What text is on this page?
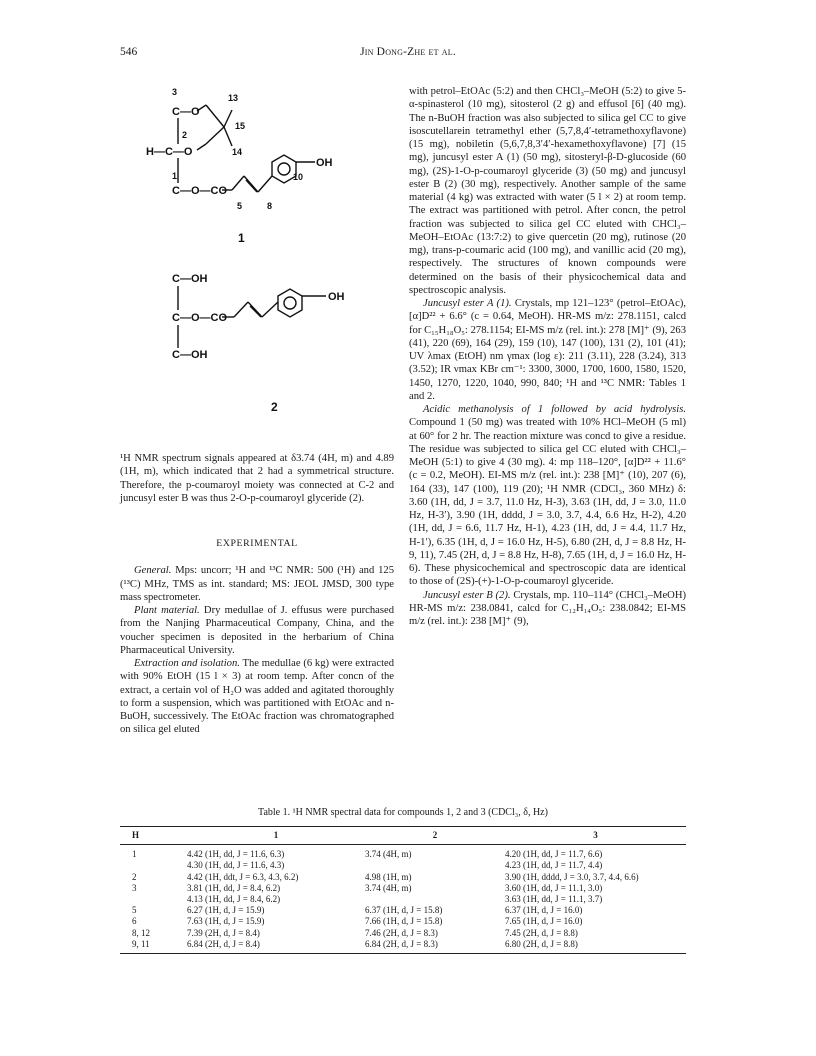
546	Jin Dong-Zhe et al.
3
13
C—O
15
2
H—C—O	14
1
C—O—CO
OH
10
5	8
1
C—OH
C—O—CO
C—OH
OH
2

¹H NMR spectrum signals appeared at δ3.74 (4H, m) and 4.89 (1H, m), which indicated that 2 had a symmetrical structure. Therefore, the p-coumaroyl moiety was connected at C-2 and juncusyl ester B was thus 2-O-p-coumaroyl glyceride (2).

EXPERIMENTAL

General. Mps: uncorr; ¹H and ¹³C NMR: 500 (¹H) and 125 (¹³C) MHz, TMS as int. standard; MS: JEOL JMSD, 300 type mass spectrometer.

Plant material. Dry medullae of J. effusus were purchased from the Nanjing Pharmaceutical Company, China, and the voucher specimen is deposited in the herbarium of China Pharmaceutical University.

Extraction and isolation. The medullae (6 kg) were extracted with 90% EtOH (15 l × 3) at room temp. After concn of the extract, a certain vol of H₂O was added and agitated thoroughly to form a suspension, which was partitioned with EtOAc and n-BuOH, successively. The EtOAc fraction was chromatographed on silica gel eluted

with petrol–EtOAc (5:2) and then CHCl₃–MeOH (5:2) to give 5-α-spinasterol (10 mg), sitosterol (2 g) and effusol [6] (40 mg). The n-BuOH fraction was also subjected to silica gel CC to give isoscutellarein tetramethyl ether (5,7,8,4′-tetramethoxyflavone) (15 mg), nobiletin (5,6,7,8,3′4′-hexamethoxyflavone) [7] (15 mg), juncusyl ester A (1) (50 mg), sitosteryl-β-D-glucoside (60 mg), (2S)-1-O-p-coumaroyl glyceride (3) (50 mg) and juncusyl ester B (2) (30 mg), respectively. Another sample of the same material (4 kg) was extracted with water (5 l × 2) at room temp. The extract was partitioned with petrol. After concn, the petrol fraction was subjected to silica gel CC eluted with CHCl₃–MeOH–EtOAc (13:7:2) to give quercetin (20 mg), rutinose (20 mg), trans-p-coumaric acid (100 mg), and vanillic acid (20 mg), respectively. The structures of known compounds were determined on the basis of their physicochemical data and spectroscopic analysis.

Juncusyl ester A (1). Crystals, mp 121–123° (petrol–EtOAc), [α]D²² + 6.6° (c = 0.64, MeOH). HR-MS m/z: 278.1151, calcd for C₁₅H₁₈O₅: 278.1154; EI-MS m/z (rel. int.): 278 [M]⁺ (9), 263 (41), 220 (69), 164 (29), 159 (10), 147 (100), 131 (2), 101 (41); UV λmax (EtOH) nm γmax (log ε): 211 (3.11), 228 (3.24), 313 (3.52); IR νmax KBr cm⁻¹: 3300, 3000, 1700, 1600, 1580, 1520, 1450, 1270, 1220, 1040, 990, 840; ¹H and ¹³C NMR: Tables 1 and 2.

Acidic methanolysis of 1 followed by acid hydrolysis. Compound 1 (50 mg) was treated with 10% HCl–MeOH (5 ml) at 60° for 2 hr. The reaction mixture was concd to give a residue. The residue was subjected to silica gel CC eluted with CHCl₃–MeOH (5:1) to give 4 (30 mg). 4: mp 118–120°, [α]D²² + 11.6° (c = 0.2, MeOH). EI-MS m/z (rel. int.): 238 [M]⁺ (10), 207 (6), 164 (33), 147 (100), 119 (20); ¹H NMR (CDCl₃, 360 MHz) δ: 3.60 (1H, dd, J = 3.7, 11.0 Hz, H-3), 3.63 (1H, dd, J = 3.0, 11.0 Hz, H-3′), 3.90 (1H, dddd, J = 3.0, 3.7, 4.4, 6.6 Hz, H-2), 4.20 (1H, dd, J = 6.6, 11.7 Hz, H-1), 4.23 (1H, dd, J = 4.4, 11.7 Hz, H-1′), 6.35 (1H, d, J = 16.0 Hz, H-5), 6.80 (2H, d, J = 8.8 Hz, H-9, 11), 7.45 (2H, d, J = 8.8 Hz, H-8), 7.65 (1H, d, J = 16.0 Hz, H-6). These physicochemical and spectroscopic data are identical to those of (2S)-(+)-1-O-p-coumaroyl glyceride.

Juncusyl ester B (2). Crystals, mp. 110–114° (CHCl₃–MeOH) HR-MS m/z: 238.0841, calcd for C₁₂H₁₄O₅: 238.0842; EI-MS m/z (rel. int.): 238 [M]⁺ (9),

Table 1. ¹H NMR spectral data for compounds 1, 2 and 3 (CDCl₃, δ, Hz)
H	1	2	3
1	4.42 (1H, dd, J = 11.6, 6.3)	3.74 (4H, m)	4.20 (1H, dd, J = 11.7, 6.6)
	4.30 (1H, dd, J = 11.6, 4.3)		4.23 (1H, dd, J = 11.7, 4.4)
2	4.42 (1H, ddt, J = 6.3, 4.3, 6.2)	4.98 (1H, m)	3.90 (1H, dddd, J = 3.0, 3.7, 4.4, 6.6)
3	3.81 (1H, dd, J = 8.4, 6.2)	3.74 (4H, m)	3.60 (1H, dd, J = 11.1, 3.0)
	4.13 (1H, dd, J = 8.4, 6.2)		3.63 (1H, dd, J = 11.1, 3.7)
5	6.27 (1H, d, J = 15.9)	6.37 (1H, d, J = 15.8)	6.37 (1H, d, J = 16.0)
6	7.63 (1H, d, J = 15.9)	7.66 (1H, d, J = 15.8)	7.65 (1H, d, J = 16.0)
8, 12	7.39 (2H, d, J = 8.4)	7.46 (2H, d, J = 8.3)	7.45 (2H, d, J = 8.8)
9, 11	6.84 (2H, d, J = 8.4)	6.84 (2H, d, J = 8.3)	6.80 (2H, d, J = 8.8)
